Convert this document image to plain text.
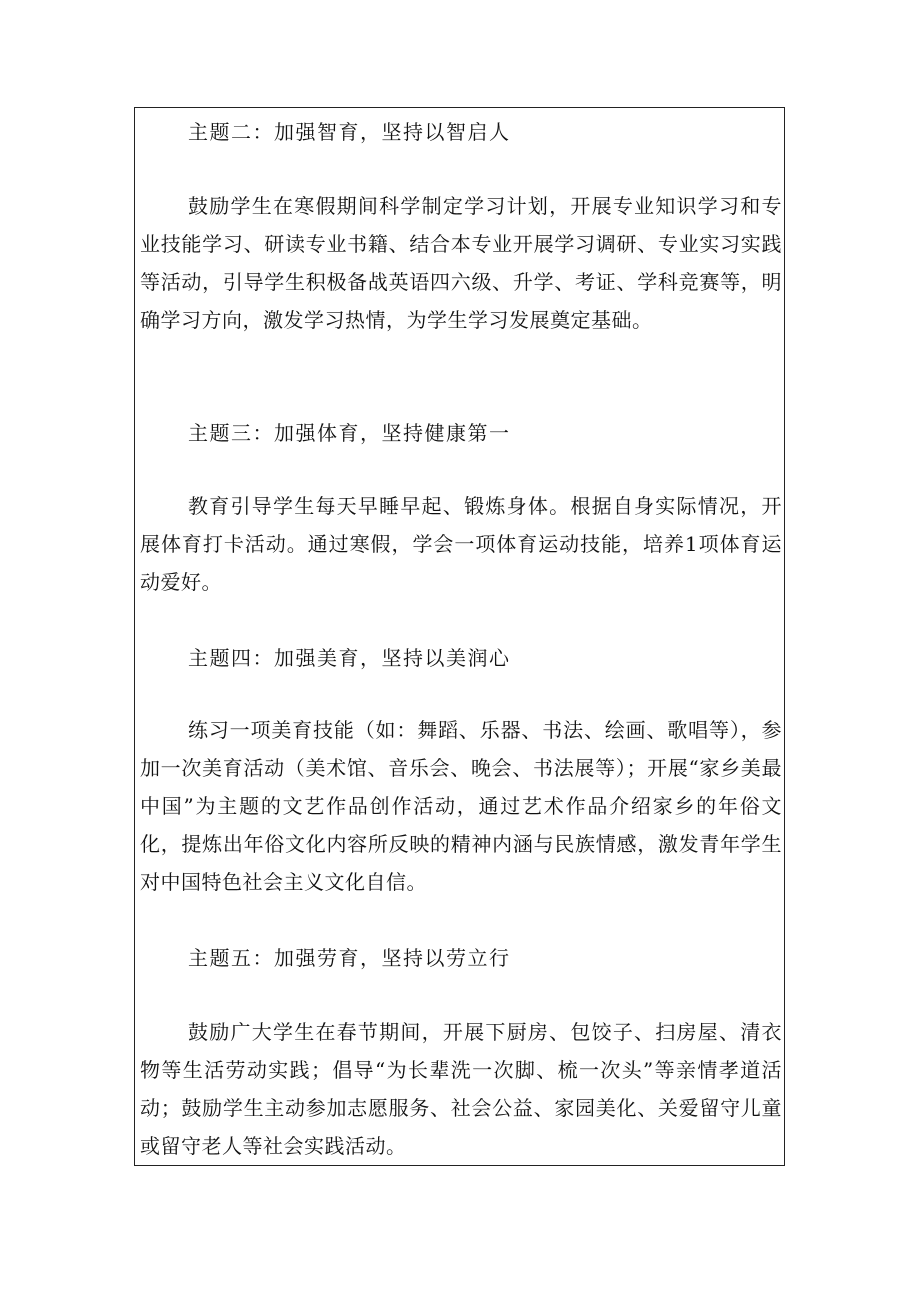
主题二：加强智育，坚持以智启人

鼓励学生在寒假期间科学制定学习计划，开展专业知识学习和专业技能学习、研读专业书籍、结合本专业开展学习调研、专业实习实践等活动，引导学生积极备战英语四六级、升学、考证、学科竞赛等，明确学习方向，激发学习热情，为学生学习发展奠定基础。

主题三：加强体育，坚持健康第一

教育引导学生每天早睡早起、锻炼身体。根据自身实际情况，开展体育打卡活动。通过寒假，学会一项体育运动技能，培养1项体育运动爱好。

主题四：加强美育，坚持以美润心

练习一项美育技能（如：舞蹈、乐器、书法、绘画、歌唱等），参加一次美育活动（美术馆、音乐会、晚会、书法展等）；开展“家乡美最中国”为主题的文艺作品创作活动，通过艺术作品介绍家乡的年俗文化，提炼出年俗文化内容所反映的精神内涵与民族情感，激发青年学生对中国特色社会主义文化自信。

主题五：加强劳育，坚持以劳立行

鼓励广大学生在春节期间，开展下厨房、包饺子、扫房屋、清衣物等生活劳动实践；倡导“为长辈洗一次脚、梳一次头”等亲情孝道活动；鼓励学生主动参加志愿服务、社会公益、家园美化、关爱留守儿童或留守老人等社会实践活动。
